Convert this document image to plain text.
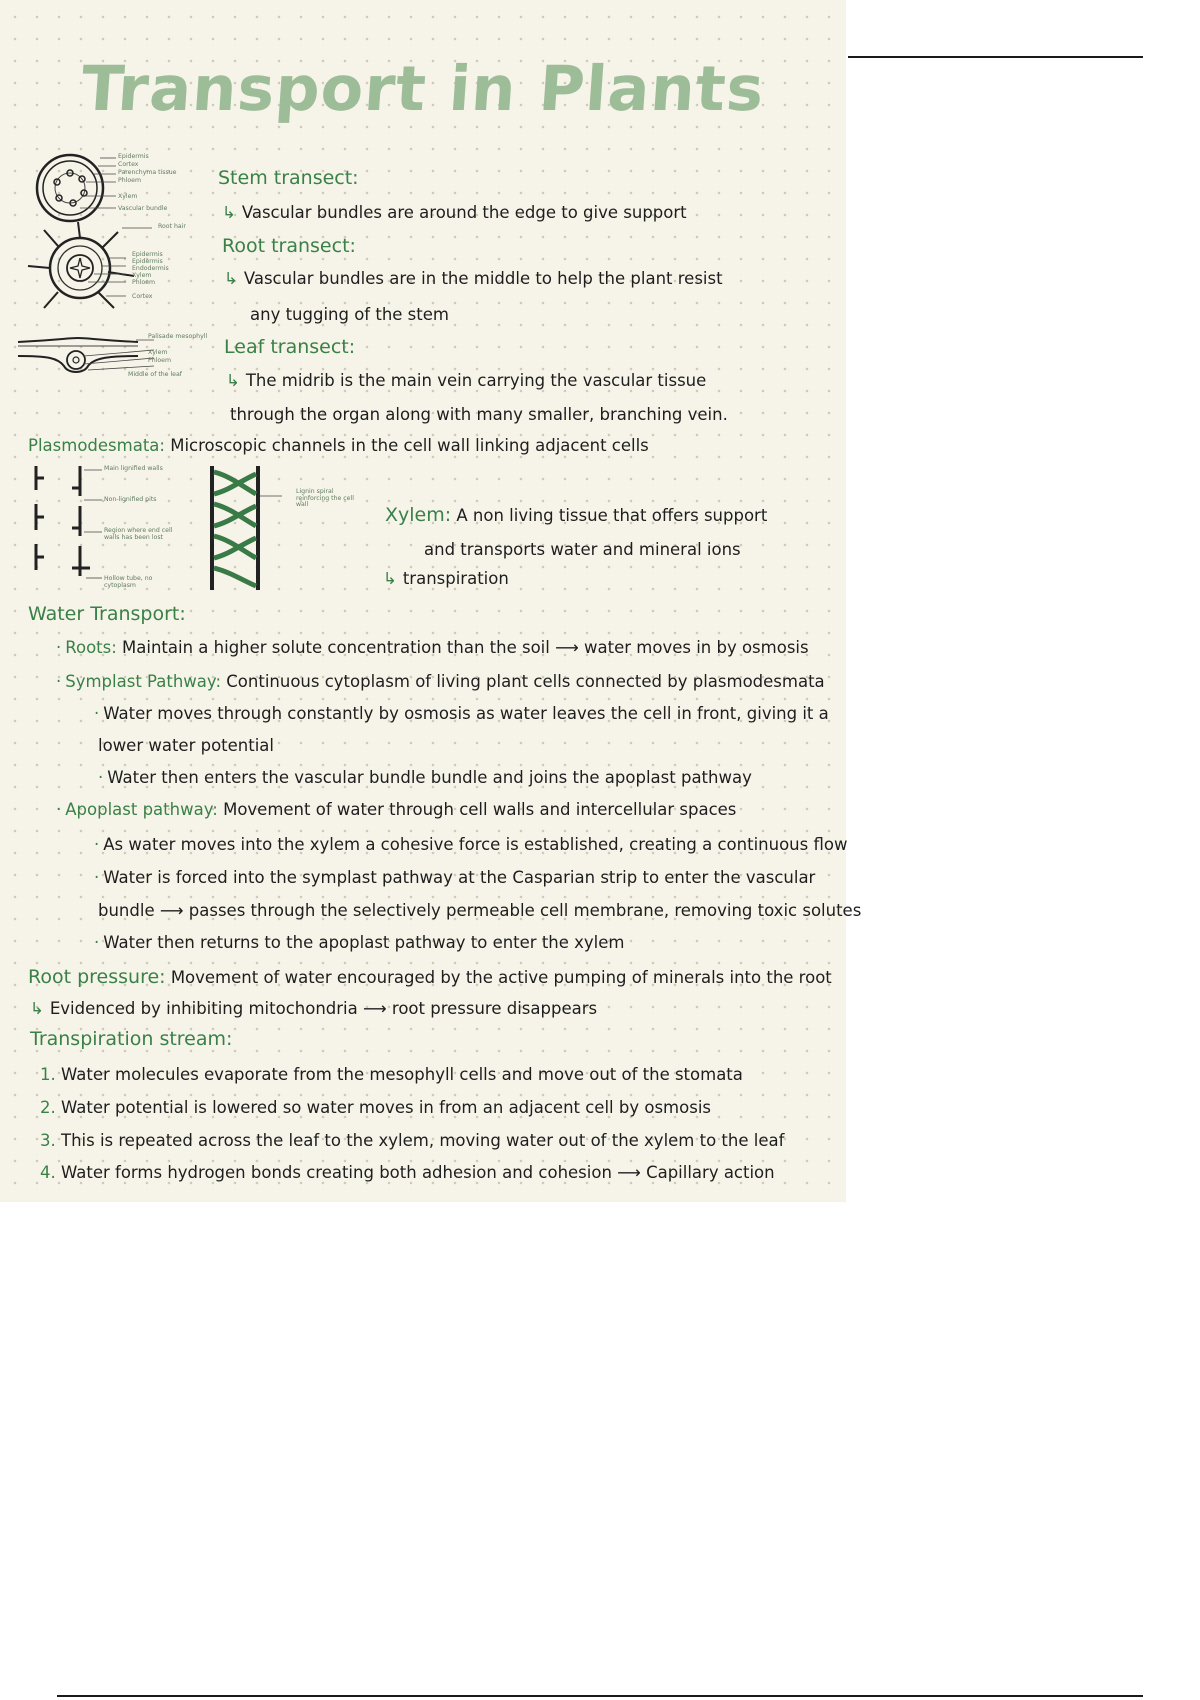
Transport in Plants
Epidermis
Cortex
Parenchyma tissue
Phloem
Xylem
Vascular bundle
Root hair
Epidermis
Epidermis
Endodermis
Xylem
Phloem
Cortex
Palisade mesophyll
Xylem
Phloem
Middle of the leaf
Stem transect:
↳ Vascular bundles are around the edge to give support
Root transect:
↳ Vascular bundles are in the middle to help the plant resist
any tugging of the stem
Leaf transect:
↳ The midrib is the main vein carrying the vascular tissue
through the organ along with many smaller, branching vein.
Plasmodesmata: Microscopic channels in the cell wall linking adjacent cells
Main lignified walls
Non-lignified pits
Region where end cell walls has been lost
Hollow tube, no cytoplasm
Lignin spiral reinforcing the cell wall	Xylem: A non living tissue that offers support
and transports water and mineral ions
↳ transpiration
Water Transport:
· Roots: Maintain a higher solute concentration than the soil ⟶ water moves in by osmosis
· Symplast Pathway: Continuous cytoplasm of living plant cells connected by plasmodesmata
· Water moves through constantly by osmosis as water leaves the cell in front, giving it a
lower water potential
· Water then enters the vascular bundle bundle and joins the apoplast pathway
· Apoplast pathway: Movement of water through cell walls and intercellular spaces
· As water moves into the xylem a cohesive force is established, creating a continuous flow
· Water is forced into the symplast pathway at the Casparian strip to enter the vascular
bundle ⟶ passes through the selectively permeable cell membrane, removing toxic solutes
· Water then returns to the apoplast pathway to enter the xylem
Root pressure: Movement of water encouraged by the active pumping of minerals into the root
↳ Evidenced by inhibiting mitochondria ⟶ root pressure disappears
Transpiration stream:
1. Water molecules evaporate from the mesophyll cells and move out of the stomata
2. Water potential is lowered so water moves in from an adjacent cell by osmosis
3. This is repeated across the leaf to the xylem, moving water out of the xylem to the leaf
4. Water forms hydrogen bonds creating both adhesion and cohesion ⟶ Capillary action
